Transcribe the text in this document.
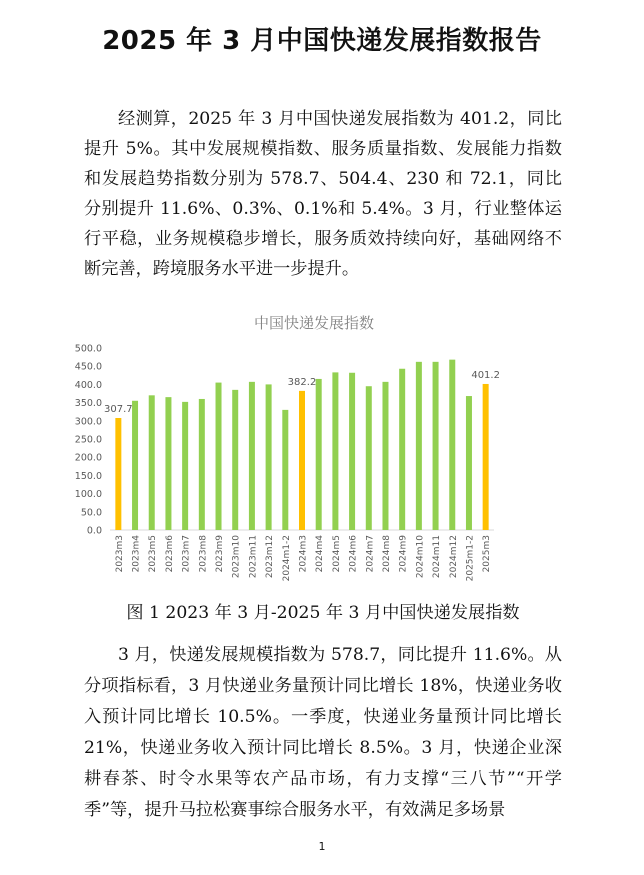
2025 年 3 月中国快递发展指数报告

经测算，2025 年 3 月中国快递发展指数为 401.2，同比提升 5%。其中发展规模指数、服务质量指数、发展能力指数和发展趋势指数分别为 578.7、504.4、230 和 72.1，同比分别提升 11.6%、0.3%、0.1%和 5.4%。3 月，行业整体运行平稳，业务规模稳步增长，服务质效持续向好，基础网络不断完善，跨境服务水平进一步提升。

中国快递发展指数
0.0
50.0
100.0
150.0
200.0
250.0
300.0
350.0
400.0
450.0
500.0
2023m3 2023m4 2023m5 2023m6 2023m7 2023m8 2023m9 2023m10 2023m11 2023m12 2024m1-2 2024m3 2024m4 2024m5 2024m6 2024m7 2024m8 2024m9 2024m10 2024m11 2024m12 2025m1-2 2025m3
307.7
382.2
401.2
图 1 2023 年 3 月-2025 年 3 月中国快递发展指数

3 月，快递发展规模指数为 578.7，同比提升 11.6%。从分项指标看，3 月快递业务量预计同比增长 18%，快递业务收入预计同比增长 10.5%。一季度，快递业务量预计同比增长 21%，快递业务收入预计同比增长 8.5%。3 月，快递企业深耕春茶、时令水果等农产品市场，有力支撑“三八节”“开学季”等，提升马拉松赛事综合服务水平，有效满足多场景

1
